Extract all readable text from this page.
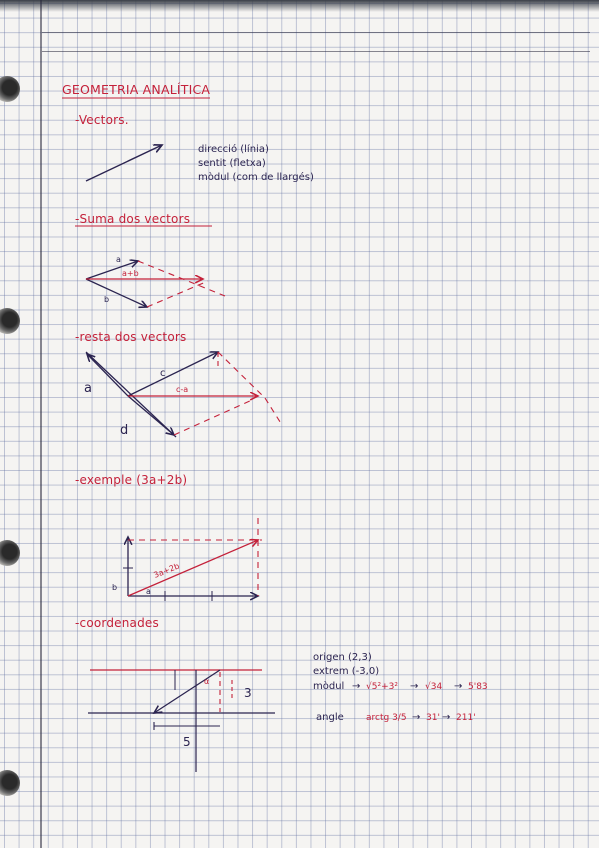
GEOMETRIA ANALÍTICA
-Vectors.
direcció (línia)
sentit (fletxa)
mòdul (com de llargés)
-Suma dos vectors
a
a+b
b
-resta dos vectors
a
c
c-a
d
-exemple (3a+2b)
b	a
3a+2b
-coordenades
α
3
5
origen (2,3)
extrem (-3,0)
mòdul → √5²+3² → √34 → 5'83
angle arctg 3/5 → 31' → 211'
